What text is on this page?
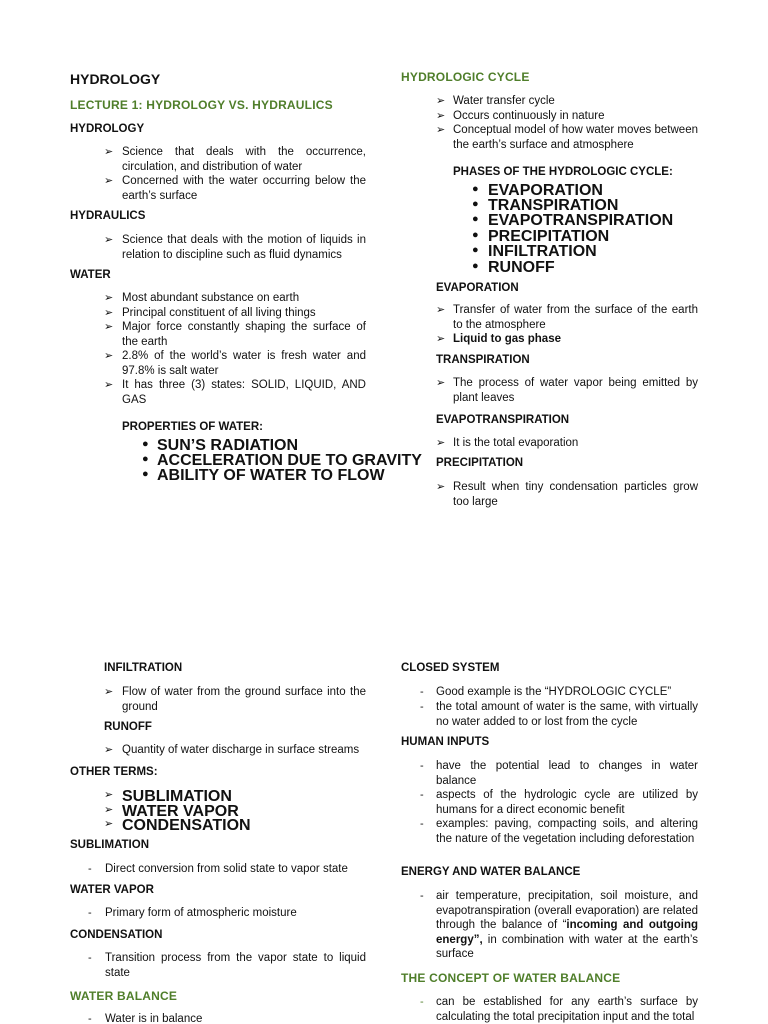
HYDROLOGY
LECTURE 1: HYDROLOGY VS. HYDRAULICS
HYDROLOGY
➢ Science that deals with the occurrence, circulation, and distribution of water
➢ Concerned with the water occurring below the earth’s surface
HYDRAULICS
➢ Science that deals with the motion of liquids in relation to discipline such as fluid dynamics
WATER
➢ Most abundant substance on earth
➢ Principal constituent of all living things
➢ Major force constantly shaping the surface of the earth
➢ 2.8% of the world’s water is fresh water and 97.8% is salt water
➢ It has three (3) states: SOLID, LIQUID, AND GAS
PROPERTIES OF WATER:
● SUN’S RADIATION
● ACCELERATION DUE TO GRAVITY
● ABILITY OF WATER TO FLOW
HYDROLOGIC CYCLE
➢ Water transfer cycle
➢ Occurs continuously in nature
➢ Conceptual model of how water moves between the earth’s surface and atmosphere
PHASES OF THE HYDROLOGIC CYCLE:
● EVAPORATION
● TRANSPIRATION
● EVAPOTRANSPIRATION
● PRECIPITATION
● INFILTRATION
● RUNOFF
EVAPORATION
➢ Transfer of water from the surface of the earth to the atmosphere
➢ Liquid to gas phase
TRANSPIRATION
➢ The process of water vapor being emitted by plant leaves
EVAPOTRANSPIRATION
➢ It is the total evaporation
PRECIPITATION
➢ Result when tiny condensation particles grow too large
INFILTRATION
➢ Flow of water from the ground surface into the ground
RUNOFF
➢ Quantity of water discharge in surface streams
OTHER TERMS:
➢ SUBLIMATION
➢ WATER VAPOR
➢ CONDENSATION
SUBLIMATION
- Direct conversion from solid state to vapor state
WATER VAPOR
- Primary form of atmospheric moisture
CONDENSATION
- Transition process from the vapor state to liquid state
WATER BALANCE
- Water is in balance
CLOSED SYSTEM
- Good example is the “HYDROLOGIC CYCLE”
- the total amount of water is the same, with virtually no water added to or lost from the cycle
HUMAN INPUTS
- have the potential lead to changes in water balance
- aspects of the hydrologic cycle are utilized by humans for a direct economic benefit
- examples: paving, compacting soils, and altering the nature of the vegetation including deforestation
ENERGY AND WATER BALANCE
- air temperature, precipitation, soil moisture, and evapotranspiration (overall evaporation) are related through the balance of “incoming and outgoing energy”, in combination with water at the earth’s surface
THE CONCEPT OF WATER BALANCE
- can be established for any earth’s surface by calculating the total precipitation input and the total
